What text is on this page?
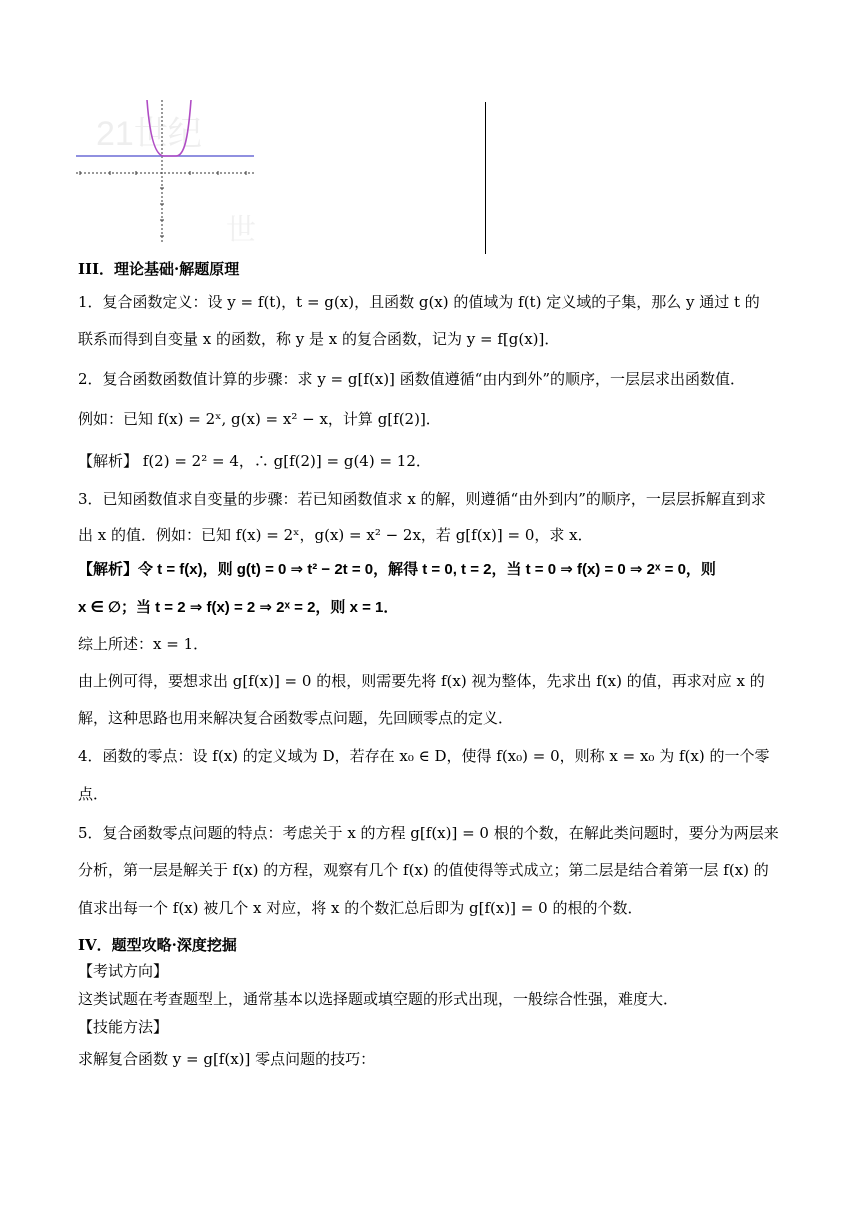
21世纪
世
III．理论基础·解题原理
1．复合函数定义：设 y = f(t)，t = g(x)，且函数 g(x) 的值域为 f(t) 定义域的子集，那么 y 通过 t 的
联系而得到自变量 x 的函数，称 y 是 x 的复合函数，记为 y = f[g(x)]．
2．复合函数函数值计算的步骤：求 y = g[f(x)] 函数值遵循“由内到外”的顺序，一层层求出函数值．
例如：已知 f(x) = 2ˣ, g(x) = x² − x，计算 g[f(2)]．
【解析】 f(2) = 2² = 4，∴ g[f(2)] = g(4) = 12．
3．已知函数值求自变量的步骤：若已知函数值求 x 的解，则遵循“由外到内”的顺序，一层层拆解直到求
出 x 的值．例如：已知 f(x) = 2ˣ，g(x) = x² − 2x，若 g[f(x)] = 0，求 x．
【解析】令 t = f(x)，则 g(t) = 0 ⇒ t² − 2t = 0，解得 t = 0, t = 2，当 t = 0 ⇒ f(x) = 0 ⇒ 2ˣ = 0，则
x ∈ ∅；当 t = 2 ⇒ f(x) = 2 ⇒ 2ˣ = 2，则 x = 1．
综上所述：x = 1．
由上例可得，要想求出 g[f(x)] = 0 的根，则需要先将 f(x) 视为整体，先求出 f(x) 的值，再求对应 x 的
解，这种思路也用来解决复合函数零点问题，先回顾零点的定义．
4．函数的零点：设 f(x) 的定义域为 D，若存在 x₀ ∈ D，使得 f(x₀) = 0，则称 x = x₀ 为 f(x) 的一个零
点．
5．复合函数零点问题的特点：考虑关于 x 的方程 g[f(x)] = 0 根的个数，在解此类问题时，要分为两层来
分析，第一层是解关于 f(x) 的方程，观察有几个 f(x) 的值使得等式成立；第二层是结合着第一层 f(x) 的
值求出每一个 f(x) 被几个 x 对应，将 x 的个数汇总后即为 g[f(x)] = 0 的根的个数．
IV．题型攻略·深度挖掘
【考试方向】
这类试题在考查题型上，通常基本以选择题或填空题的形式出现，一般综合性强，难度大．
【技能方法】
求解复合函数 y = g[f(x)] 零点问题的技巧：
